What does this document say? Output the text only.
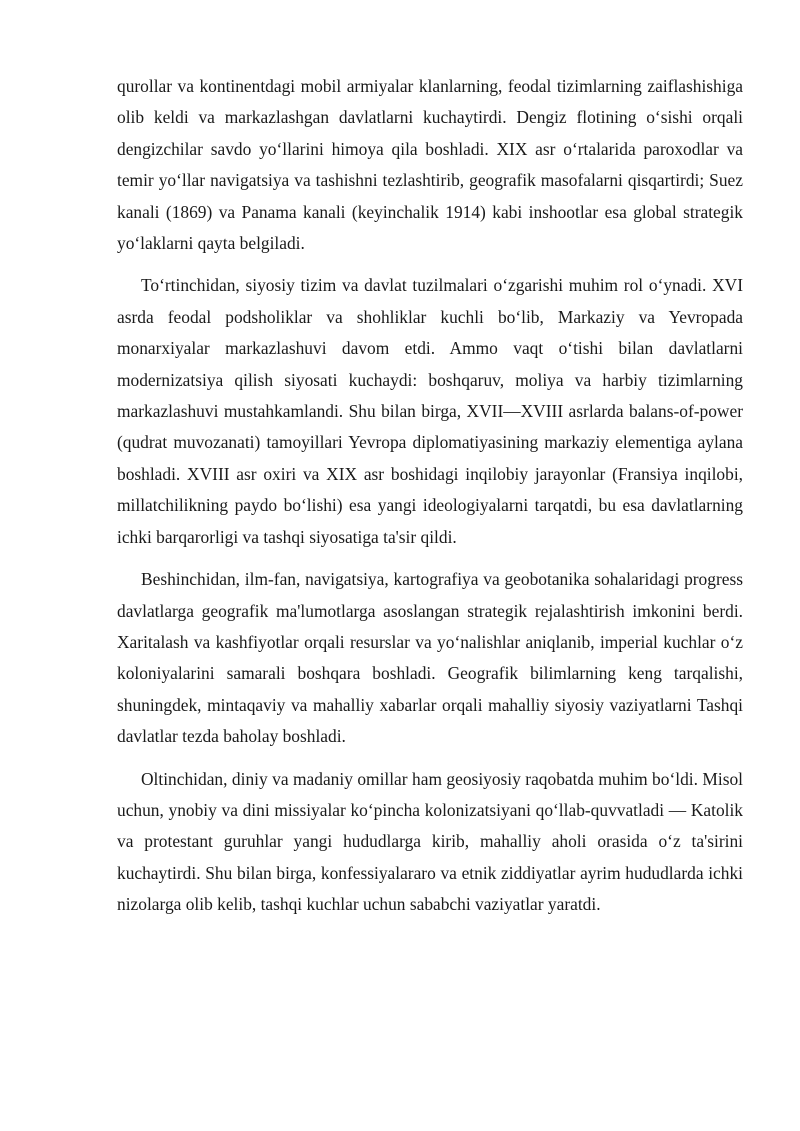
qurollar va kontinentdagi mobil armiyalar klanlarning, feodal tizimlarning zaiflashishiga olib keldi va markazlashgan davlatlarni kuchaytirdi. Dengiz flotining o‘sishi orqali dengizchilar savdo yo‘llarini himoya qila boshladi. XIX asr o‘rtalarida paroxodlar va temir yo‘llar navigatsiya va tashishni tezlashtirib, geografik masofalarni qisqartirdi; Suez kanali (1869) va Panama kanali (keyinchalik 1914) kabi inshootlar esa global strategik yo‘laklarni qayta belgiladi.

To‘rtinchidan, siyosiy tizim va davlat tuzilmalari o‘zgarishi muhim rol o‘ynadi. XVI asrda feodal podsholiklar va shohliklar kuchli bo‘lib, Markaziy va Yevropada monarxiyalar markazlashuvi davom etdi. Ammo vaqt o‘tishi bilan davlatlarni modernizatsiya qilish siyosati kuchaydi: boshqaruv, moliya va harbiy tizimlarning markazlashuvi mustahkamlandi. Shu bilan birga, XVII—XVIII asrlarda balans-of-power (qudrat muvozanati) tamoyillari Yevropa diplomatiyasining markaziy elementiga aylana boshladi. XVIII asr oxiri va XIX asr boshidagi inqilobiy jarayonlar (Fransiya inqilobi, millatchilikning paydo bo‘lishi) esa yangi ideologiyalarni tarqatdi, bu esa davlatlarning ichki barqarorligi va tashqi siyosatiga ta'sir qildi.

Beshinchidan, ilm-fan, navigatsiya, kartografiya va geobotanika sohalaridagi progress davlatlarga geografik ma'lumotlarga asoslangan strategik rejalashtirish imkonini berdi. Xaritalash va kashfiyotlar orqali resurslar va yo‘nalishlar aniqlanib, imperial kuchlar o‘z koloniyalarini samarali boshqara boshladi. Geografik bilimlarning keng tarqalishi, shuningdek, mintaqaviy va mahalliy xabarlar orqali mahalliy siyosiy vaziyatlarni Tashqi davlatlar tezda baholay boshladi.

Oltinchidan, diniy va madaniy omillar ham geosiyosiy raqobatda muhim bo‘ldi. Misol uchun, ynobiy va dini missiyalar ko‘pincha kolonizatsiyani qo‘llab-quvvatladi — Katolik va protestant guruhlar yangi hududlarga kirib, mahalliy aholi orasida o‘z ta'sirini kuchaytirdi. Shu bilan birga, konfessiyalararo va etnik ziddiyatlar ayrim hududlarda ichki nizolarga olib kelib, tashqi kuchlar uchun sababchi vaziyatlar yaratdi.
